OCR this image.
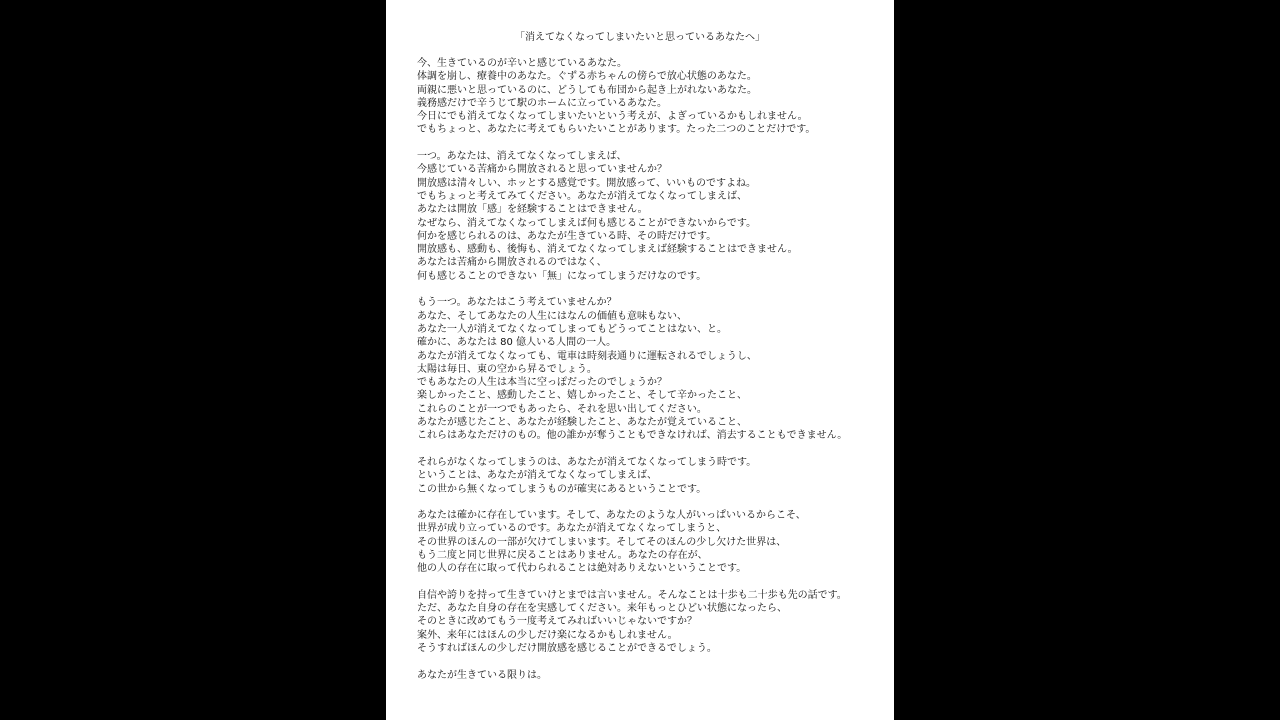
「消えてなくなってしまいたいと思っているあなたへ」
今、生きているのが辛いと感じているあなた。
体調を崩し、療養中のあなた。ぐずる赤ちゃんの傍らで放心状態のあなた。
両親に悪いと思っているのに、どうしても布団から起き上がれないあなた。
義務感だけで辛うじて駅のホームに立っているあなた。
今日にでも消えてなくなってしまいたいという考えが、よぎっているかもしれません。
でもちょっと、あなたに考えてもらいたいことがあります。たった二つのことだけです。
一つ。あなたは、消えてなくなってしまえば、
今感じている苦痛から開放されると思っていませんか？
開放感は清々しい、ホッとする感覚です。開放感って、いいものですよね。
でもちょっと考えてみてください。あなたが消えてなくなってしまえば、
あなたは開放「感」を経験することはできません。
なぜなら、消えてなくなってしまえば何も感じることができないからです。
何かを感じられるのは、あなたが生きている時、その時だけです。
開放感も、感動も、後悔も、消えてなくなってしまえば経験することはできません。
あなたは苦痛から開放されるのではなく、
何も感じることのできない「無」になってしまうだけなのです。
もう一つ。あなたはこう考えていませんか？
あなた、そしてあなたの人生にはなんの価値も意味もない、
あなた一人が消えてなくなってしまってもどうってことはない、と。
確かに、あなたは 80 億人いる人間の一人。
あなたが消えてなくなっても、電車は時刻表通りに運転されるでしょうし、
太陽は毎日、東の空から昇るでしょう。
でもあなたの人生は本当に空っぽだったのでしょうか？
楽しかったこと、感動したこと、嬉しかったこと、そして辛かったこと、
これらのことが一つでもあったら、それを思い出してください。
あなたが感じたこと、あなたが経験したこと、あなたが覚えていること、
これらはあなただけのもの。他の誰かが奪うこともできなければ、消去することもできません。
それらがなくなってしまうのは、あなたが消えてなくなってしまう時です。
ということは、あなたが消えてなくなってしまえば、
この世から無くなってしまうものが確実にあるということです。
あなたは確かに存在しています。そして、あなたのような人がいっぱいいるからこそ、
世界が成り立っているのです。あなたが消えてなくなってしまうと、
その世界のほんの一部が欠けてしまいます。そしてそのほんの少し欠けた世界は、
もう二度と同じ世界に戻ることはありません。あなたの存在が、
他の人の存在に取って代わられることは絶対ありえないということです。
自信や誇りを持って生きていけとまでは言いません。そんなことは十歩も二十歩も先の話です。
ただ、あなた自身の存在を実感してください。来年もっとひどい状態になったら、
そのときに改めてもう一度考えてみればいいじゃないですか？
案外、来年にはほんの少しだけ楽になるかもしれません。
そうすればほんの少しだけ開放感を感じることができるでしょう。
あなたが生きている限りは。
